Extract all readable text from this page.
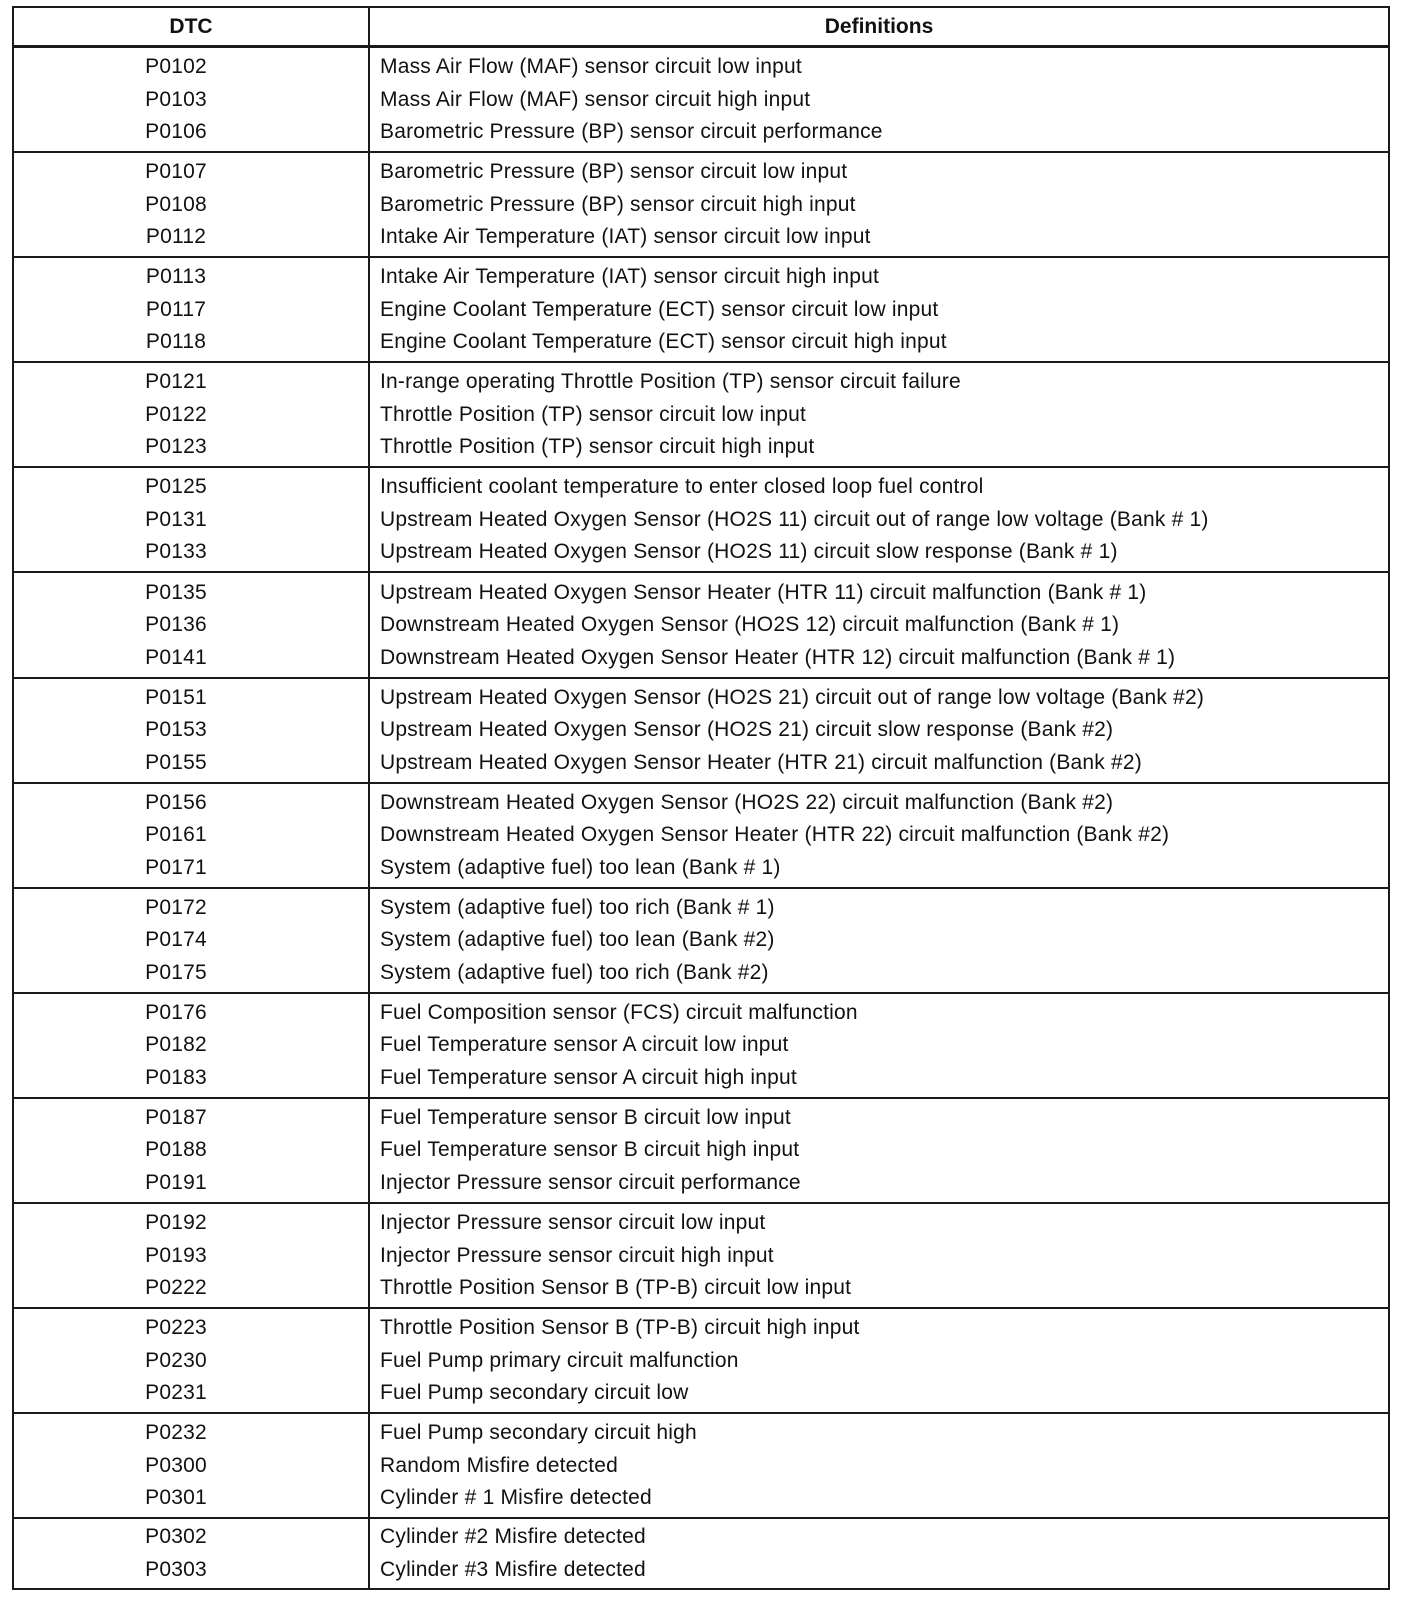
DTC	Definitions
P0102
P0103
P0106
Mass Air Flow (MAF) sensor circuit low input
Mass Air Flow (MAF) sensor circuit high input
Barometric Pressure (BP) sensor circuit performance
P0107
P0108
P0112
Barometric Pressure (BP) sensor circuit low input
Barometric Pressure (BP) sensor circuit high input
Intake Air Temperature (IAT) sensor circuit low input
P0113
P0117
P0118
Intake Air Temperature (IAT) sensor circuit high input
Engine Coolant Temperature (ECT) sensor circuit low input
Engine Coolant Temperature (ECT) sensor circuit high input
P0121
P0122
P0123
In-range operating Throttle Position (TP) sensor circuit failure
Throttle Position (TP) sensor circuit low input
Throttle Position (TP) sensor circuit high input
P0125
P0131
P0133
Insufficient coolant temperature to enter closed loop fuel control
Upstream Heated Oxygen Sensor (HO2S 11) circuit out of range low voltage (Bank # 1)
Upstream Heated Oxygen Sensor (HO2S 11) circuit slow response (Bank # 1)
P0135
P0136
P0141
Upstream Heated Oxygen Sensor Heater (HTR 11) circuit malfunction (Bank # 1)
Downstream Heated Oxygen Sensor (HO2S 12) circuit malfunction (Bank # 1)
Downstream Heated Oxygen Sensor Heater (HTR 12) circuit malfunction (Bank # 1)
P0151
P0153
P0155
Upstream Heated Oxygen Sensor (HO2S 21) circuit out of range low voltage (Bank #2)
Upstream Heated Oxygen Sensor (HO2S 21) circuit slow response (Bank #2)
Upstream Heated Oxygen Sensor Heater (HTR 21) circuit malfunction (Bank #2)
P0156
P0161
P0171
Downstream Heated Oxygen Sensor (HO2S 22) circuit malfunction (Bank #2)
Downstream Heated Oxygen Sensor Heater (HTR 22) circuit malfunction (Bank #2)
System (adaptive fuel) too lean (Bank # 1)
P0172
P0174
P0175
System (adaptive fuel) too rich (Bank # 1)
System (adaptive fuel) too lean (Bank #2)
System (adaptive fuel) too rich (Bank #2)
P0176
P0182
P0183
Fuel Composition sensor (FCS) circuit malfunction
Fuel Temperature sensor A circuit low input
Fuel Temperature sensor A circuit high input
P0187
P0188
P0191
Fuel Temperature sensor B circuit low input
Fuel Temperature sensor B circuit high input
Injector Pressure sensor circuit performance
P0192
P0193
P0222
Injector Pressure sensor circuit low input
Injector Pressure sensor circuit high input
Throttle Position Sensor B (TP-B) circuit low input
P0223
P0230
P0231
Throttle Position Sensor B (TP-B) circuit high input
Fuel Pump primary circuit malfunction
Fuel Pump secondary circuit low
P0232
P0300
P0301
Fuel Pump secondary circuit high
Random Misfire detected
Cylinder # 1 Misfire detected
P0302
P0303
Cylinder #2 Misfire detected
Cylinder #3 Misfire detected
